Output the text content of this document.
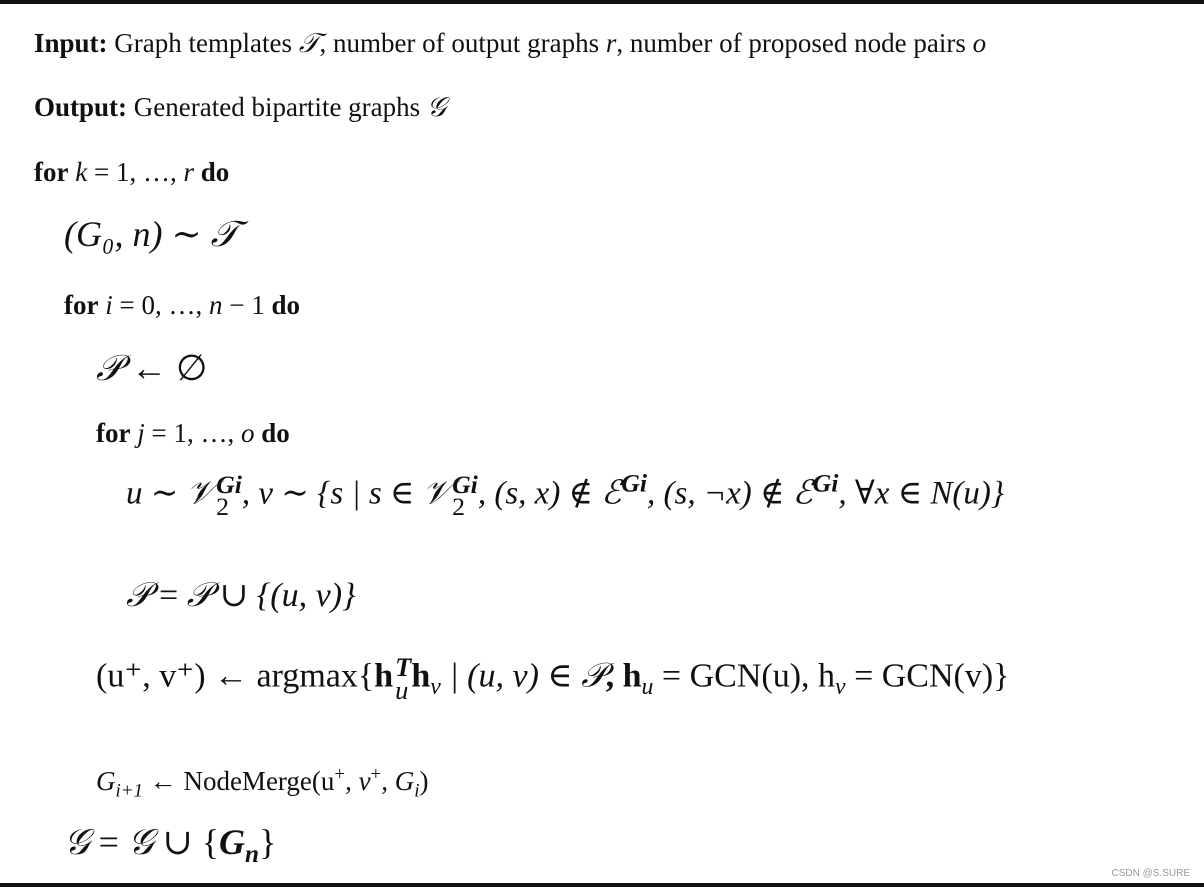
Input: Graph templates 𝒯, number of output graphs r, number of proposed node pairs o
Output: Generated bipartite graphs 𝒢
for k = 1, …, r do
(G₀, n) ∼ 𝒯
for i = 0, …, n − 1 do
𝒫 ← ∅
for j = 1, …, o do
u ∼ 𝒱 Gi
2 , v ∼ {s | s ∈ 𝒱 Gi
2 , (s, x) ∉ ℰ$^{Gi}$, (s, ¬x) ∉ ℰ$^{Gi}$, ∀x ∈ N(u)}
𝒫 = 𝒫 ∪ {(u, v)}
(u⁺, v⁺) ← argmax{h T
u $h_v$ | (u, v) ∈ 𝒫, $h_u = GCN(u)$, $h_v = GCN(v)$}
$G_{i+1}$ ← NodeMerge(u+, v+, $G_i$)
𝒢 = 𝒢 ∪ $\{G_n\}$
CSDN @S.SURE
